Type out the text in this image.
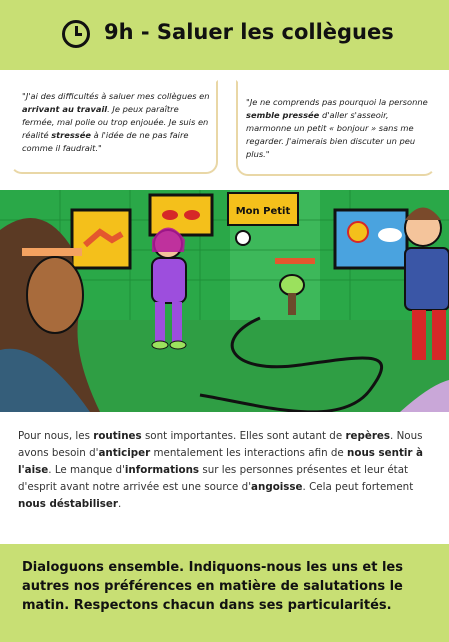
9h - Saluer les collègues
"J'ai des difficultés à saluer mes collègues en arrivant au travail. Je peux paraître fermée, mal polie ou trop enjouée. Je suis en réalité stressée à l'idée de ne pas faire comme il faudrait."
"Je ne comprends pas pourquoi la personne semble pressée d'aller s'asseoir, marmonne un petit « bonjour » sans me regarder. J'aimerais bien discuter un peu plus."
Mon Petit
Pour nous, les routines sont importantes. Elles sont autant de repères. Nous avons besoin d'anticiper mentalement les interactions afin de nous sentir à l'aise. Le manque d'informations sur les personnes présentes et leur état d'esprit avant notre arrivée est une source d'angoisse. Cela peut fortement nous déstabiliser.
Dialoguons ensemble. Indiquons-nous les uns et les autres nos préférences en matière de salutations le matin. Respectons chacun dans ses particularités.
